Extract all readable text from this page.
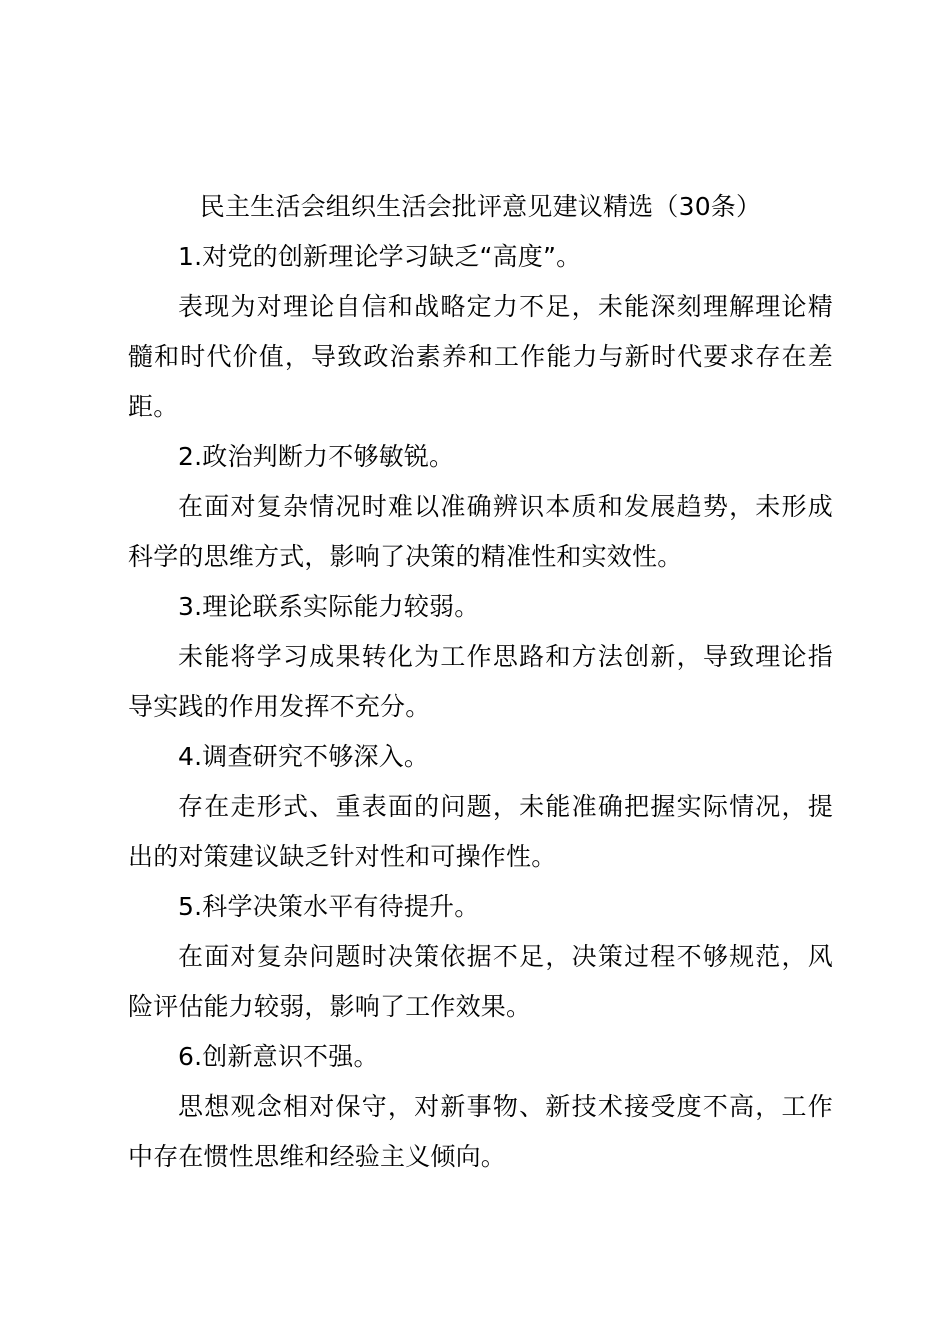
民主生活会组织生活会批评意见建议精选（30条）

1.对党的创新理论学习缺乏“高度”。

表现为对理论自信和战略定力不足，未能深刻理解理论精髓和时代价值，导致政治素养和工作能力与新时代要求存在差距。

2.政治判断力不够敏锐。

在面对复杂情况时难以准确辨识本质和发展趋势，未形成科学的思维方式，影响了决策的精准性和实效性。

3.理论联系实际能力较弱。

未能将学习成果转化为工作思路和方法创新，导致理论指导实践的作用发挥不充分。

4.调查研究不够深入。

存在走形式、重表面的问题，未能准确把握实际情况，提出的对策建议缺乏针对性和可操作性。

5.科学决策水平有待提升。

在面对复杂问题时决策依据不足，决策过程不够规范，风险评估能力较弱，影响了工作效果。

6.创新意识不强。

思想观念相对保守，对新事物、新技术接受度不高，工作中存在惯性思维和经验主义倾向。
